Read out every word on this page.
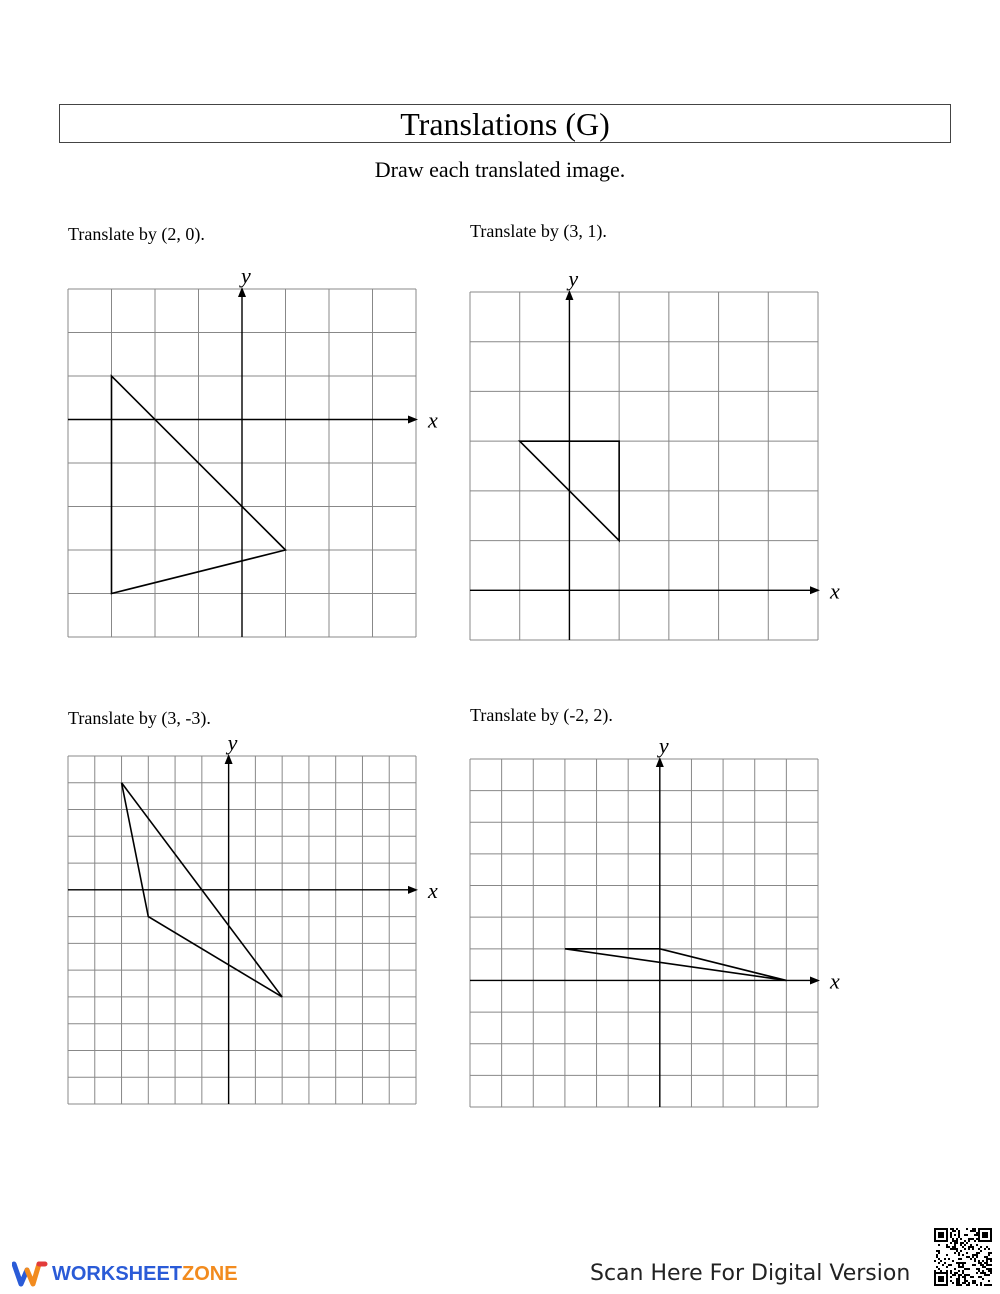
Translations (G)
Draw each translated image.
Translate by (2, 0).	Translate by (3, 1).
Translate by (3, -3).	Translate by (-2, 2).
x
y
x
y
x
y
x
y
WORKSHEET ZONE	Scan Here For Digital Version
